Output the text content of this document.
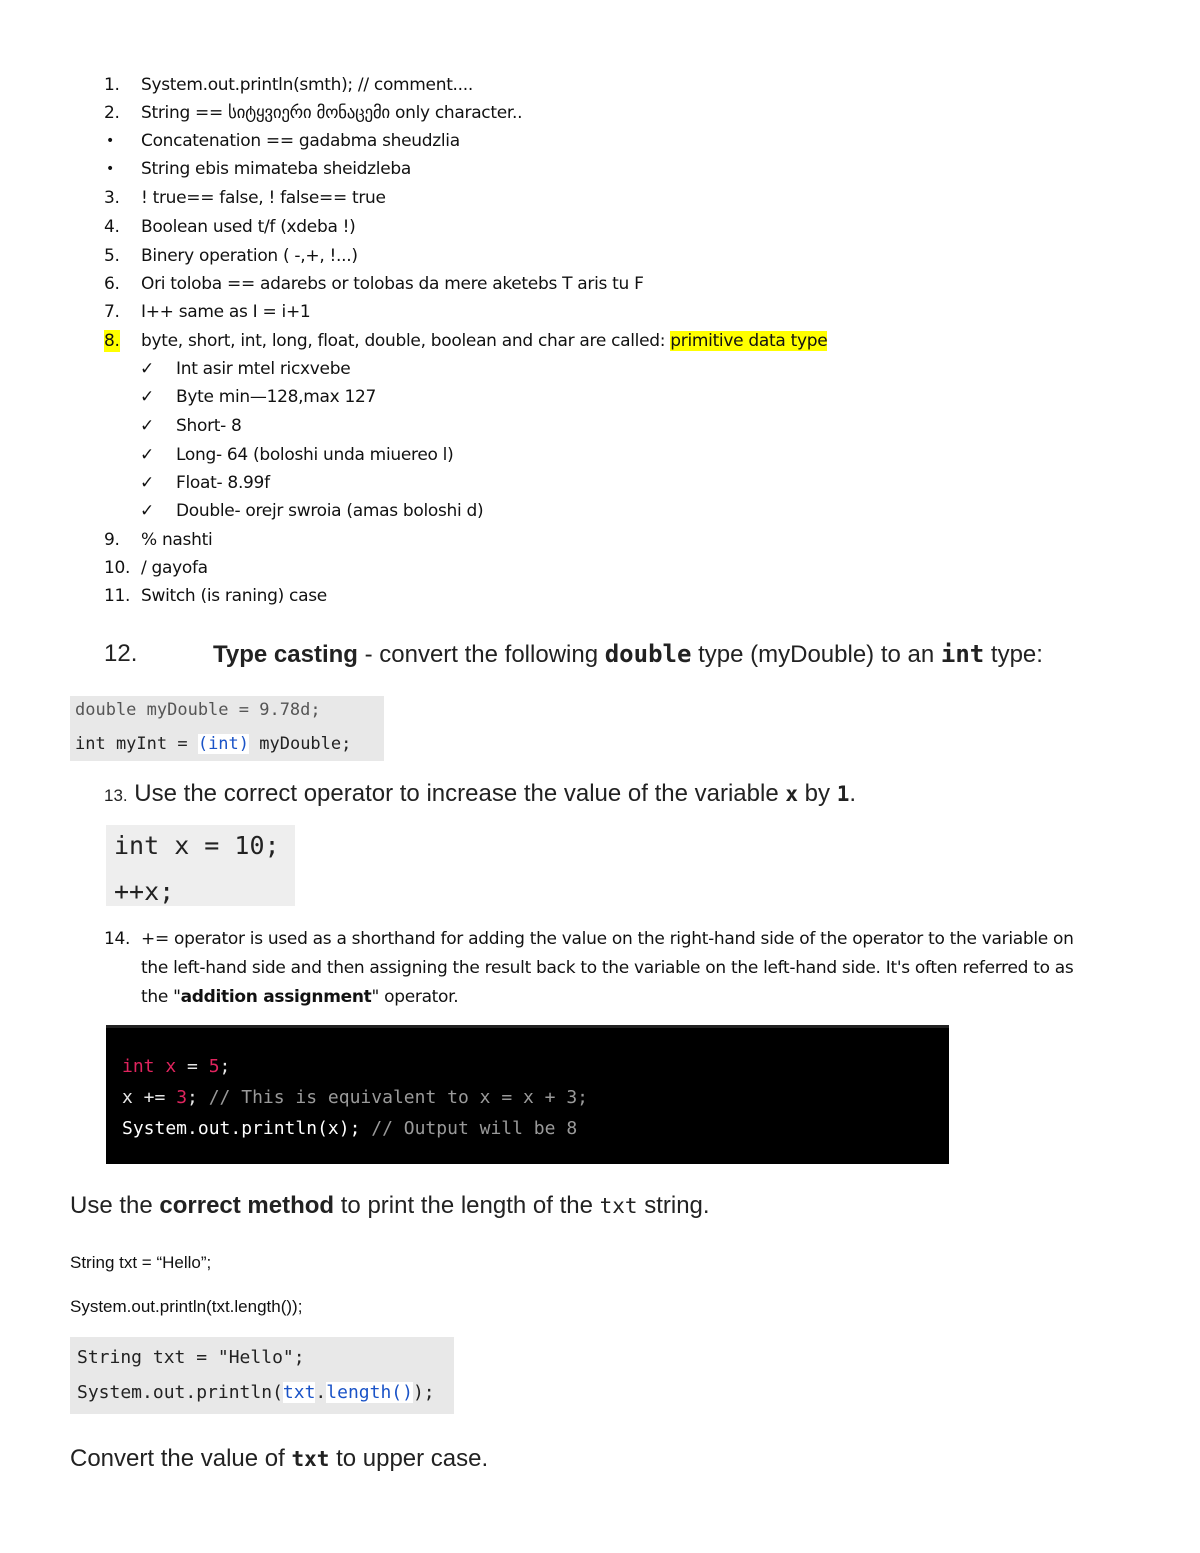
1. System.out.println(smth); // comment....
2. String == სიტყვიერი მონაცემი only character..
• Concatenation == gadabma sheudzlia
• String ebis mimateba sheidzleba
3. ! true== false, ! false== true
4. Boolean used t/f (xdeba !)
5. Binery operation ( -,+, !...)
6. Ori toloba == adarebs or tolobas da mere aketebs T aris tu F
7. I++ same as I = i+1
8. byte, short, int, long, float, double, boolean and char are called: primitive data type
✓ Int asir mtel ricxvebe
✓ Byte min—128,max 127
✓ Short- 8
✓ Long- 64 (boloshi unda miuereo l)
✓ Float- 8.99f
✓ Double- orejr swroia (amas boloshi d)
9. % nashti
10. / gayofa
11. Switch (is raning) case
12.	Type casting - convert the following double type (myDouble) to an int type:
double myDouble = 9.78d;
int myInt = (int) myDouble;
13. Use the correct operator to increase the value of the variable x by 1.
int x = 10;
++x;
14. += operator is used as a shorthand for adding the value on the right-hand side of the operator to the variable on
the left-hand side and then assigning the result back to the variable on the left-hand side. It's often referred to as
the "addition assignment" operator.
int x = 5;
x += 3; // This is equivalent to x = x + 3;
System.out.println(x); // Output will be 8
Use the correct method to print the length of the txt string.
String txt = “Hello”;
System.out.println(txt.length());
String txt = "Hello";
System.out.println(txt.length());
Convert the value of txt to upper case.
